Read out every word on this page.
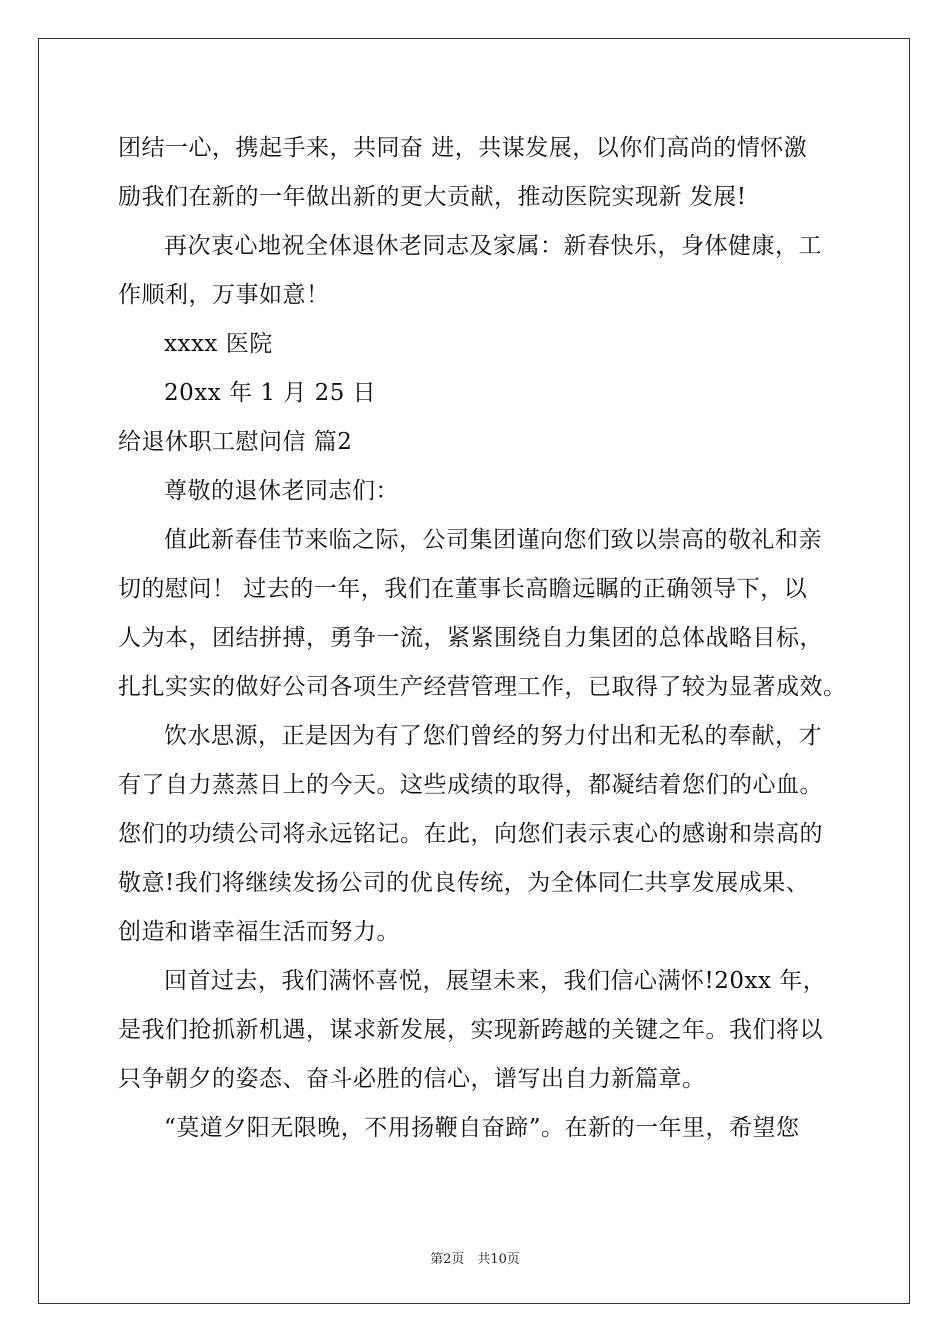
团结一心，携起手来，共同奋 进，共谋发展，以你们高尚的情怀激
励我们在新的一年做出新的更大贡献，推动医院实现新 发展!
再次衷心地祝全体退休老同志及家属：新春快乐，身体健康，工
作顺利，万事如意！
xxxx 医院
20xx 年 1 月 25 日
给退休职工慰问信 篇2
尊敬的退休老同志们：
值此新春佳节来临之际，公司集团谨向您们致以崇高的敬礼和亲
切的慰问！ 过去的一年，我们在董事长高瞻远瞩的正确领导下，以
人为本，团结拼搏，勇争一流，紧紧围绕自力集团的总体战略目标，
扎扎实实的做好公司各项生产经营管理工作，已取得了较为显著成效。
饮水思源，正是因为有了您们曾经的努力付出和无私的奉献，才
有了自力蒸蒸日上的今天。这些成绩的取得，都凝结着您们的心血。
您们的功绩公司将永远铭记。在此，向您们表示衷心的感谢和崇高的
敬意!我们将继续发扬公司的优良传统，为全体同仁共享发展成果、
创造和谐幸福生活而努力。
回首过去，我们满怀喜悦，展望未来，我们信心满怀!20xx 年，
是我们抢抓新机遇，谋求新发展，实现新跨越的关键之年。我们将以
只争朝夕的姿态、奋斗必胜的信心，谱写出自力新篇章。
“莫道夕阳无限晚，不用扬鞭自奋蹄”。在新的一年里，希望您
第2页　共10页
